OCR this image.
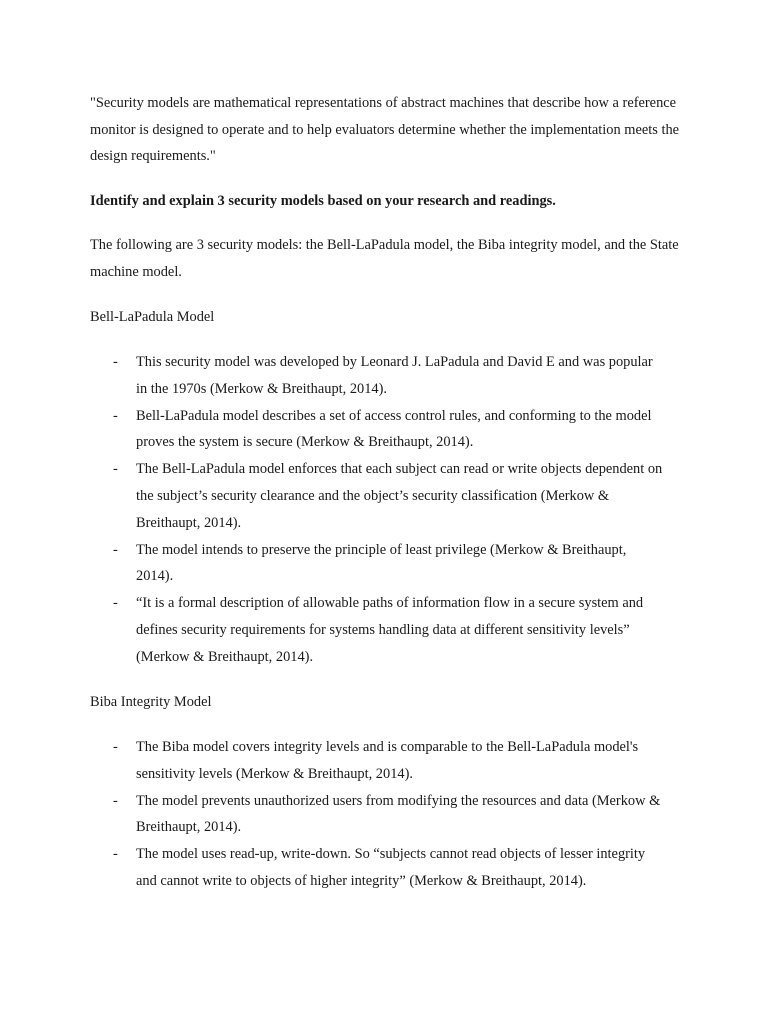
"Security models are mathematical representations of abstract machines that describe how a reference monitor is designed to operate and to help evaluators determine whether the implementation meets the design requirements."

Identify and explain 3 security models based on your research and readings.

The following are 3 security models: the Bell-LaPadula model, the Biba integrity model, and the State machine model.

Bell-LaPadula Model
- This security model was developed by Leonard J. LaPadula and David E and was popular in the 1970s (Merkow & Breithaupt, 2014).
- Bell-LaPadula model describes a set of access control rules, and conforming to the model proves the system is secure (Merkow & Breithaupt, 2014).
- The Bell-LaPadula model enforces that each subject can read or write objects dependent on the subject’s security clearance and the object’s security classification (Merkow & Breithaupt, 2014).
- The model intends to preserve the principle of least privilege (Merkow & Breithaupt, 2014).
- “It is a formal description of allowable paths of information flow in a secure system and defines security requirements for systems handling data at different sensitivity levels” (Merkow & Breithaupt, 2014).
Biba Integrity Model
- The Biba model covers integrity levels and is comparable to the Bell-LaPadula model's sensitivity levels (Merkow & Breithaupt, 2014).
- The model prevents unauthorized users from modifying the resources and data (Merkow & Breithaupt, 2014).
- The model uses read-up, write-down. So “subjects cannot read objects of lesser integrity and cannot write to objects of higher integrity” (Merkow & Breithaupt, 2014).
